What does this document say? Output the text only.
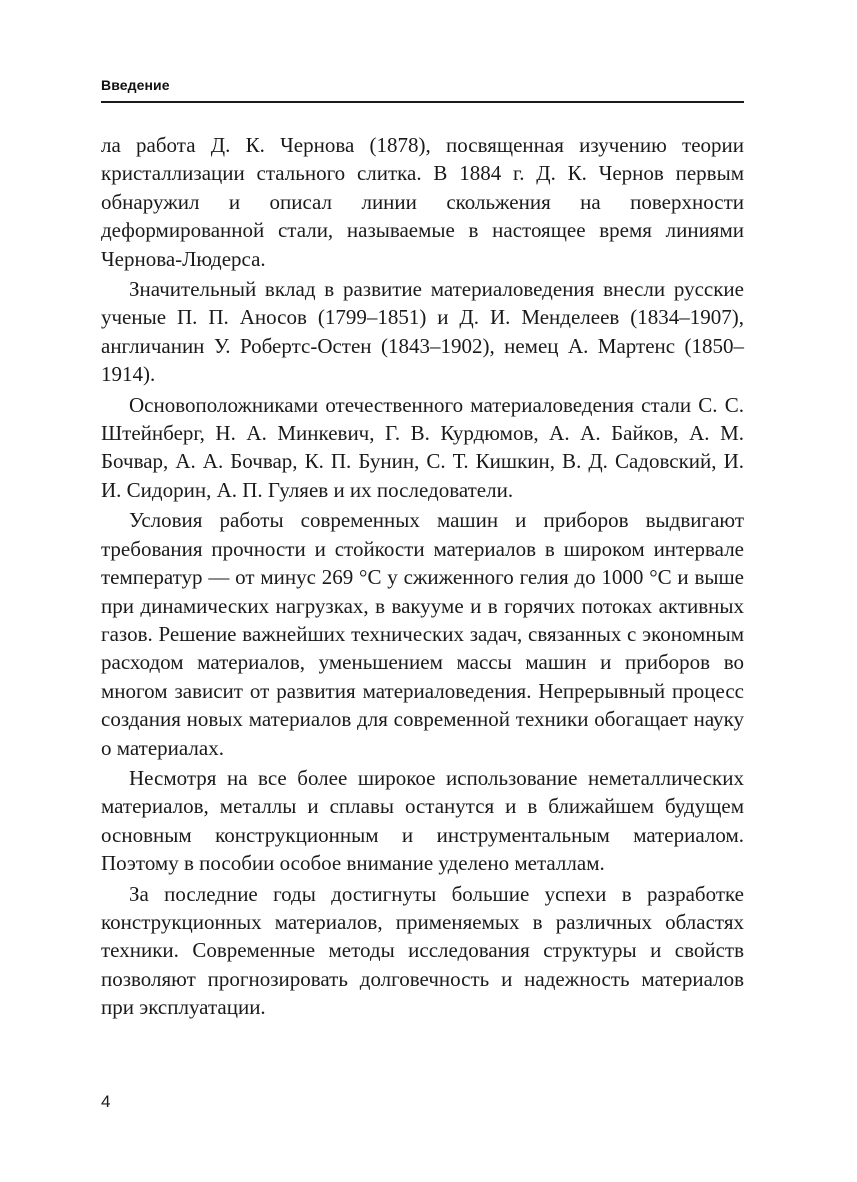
Введение

ла работа Д. К. Чернова (1878), посвященная изучению теории кристаллизации стального слитка. В 1884 г. Д. К. Чернов первым обнаружил и описал линии скольжения на поверхности деформированной стали, называемые в настоящее время линиями Чернова-Людерса.

Значительный вклад в развитие материаловедения внесли русские ученые П. П. Аносов (1799–1851) и Д. И. Менделеев (1834–1907), англичанин У. Робертс-Остен (1843–1902), немец А. Мартенс (1850–1914).

Основоположниками отечественного материаловедения стали С. С. Штейнберг, Н. А. Минкевич, Г. В. Курдюмов, А. А. Байков, А. М. Бочвар, А. А. Бочвар, К. П. Бунин, С. Т. Кишкин, В. Д. Садовский, И. И. Сидорин, А. П. Гуляев и их последователи.

Условия работы современных машин и приборов выдвигают требования прочности и стойкости материалов в широком интервале температур — от минус 269 °С у сжиженного гелия до 1000 °С и выше при динамических нагрузках, в вакууме и в горячих потоках активных газов. Решение важнейших технических задач, связанных с экономным расходом материалов, уменьшением массы машин и приборов во многом зависит от развития материаловедения. Непрерывный процесс создания новых материалов для современной техники обогащает науку о материалах.

Несмотря на все более широкое использование неметаллических материалов, металлы и сплавы останутся и в ближайшем будущем основным конструкционным и инструментальным материалом. Поэтому в пособии особое внимание уделено металлам.

За последние годы достигнуты большие успехи в разработке конструкционных материалов, применяемых в различных областях техники. Современные методы исследования структуры и свойств позволяют прогнозировать долговечность и надежность материалов при эксплуатации.

4
